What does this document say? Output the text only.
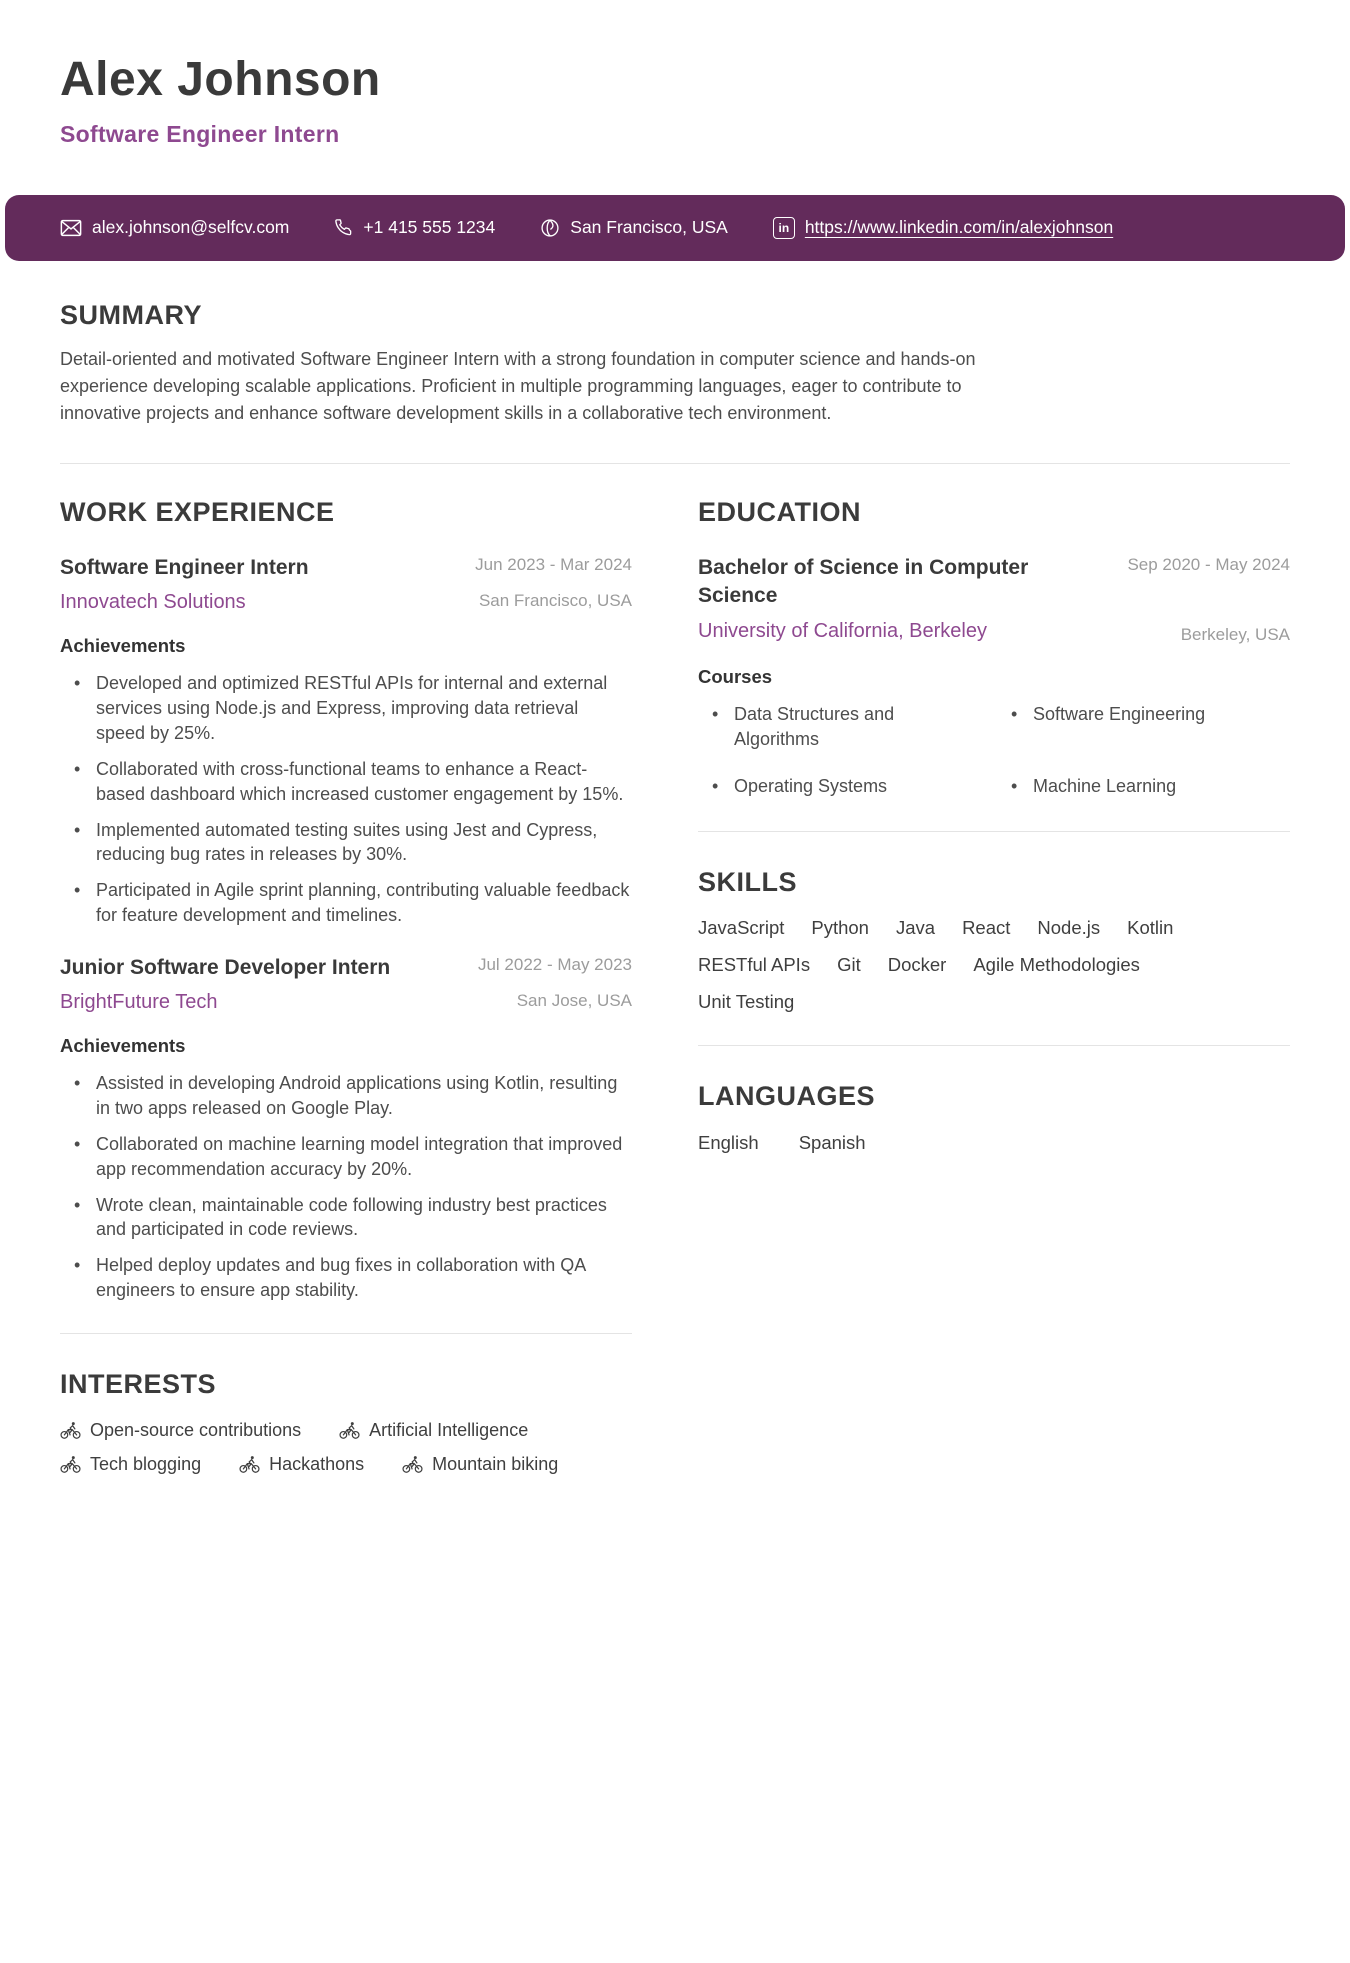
Alex Johnson
Software Engineer Intern
alex.johnson@selfcv.com	+1 415 555 1234	San Francisco, USA	in https://www.linkedin.com/in/alexjohnson
SUMMARY
Detail-oriented and motivated Software Engineer Intern with a strong foundation in computer science and hands-on experience developing scalable applications. Proficient in multiple programming languages, eager to contribute to innovative projects and enhance software development skills in a collaborative tech environment.
WORK EXPERIENCE
Software Engineer Intern
Innovatech Solutions
Jun 2023 - Mar 2024
San Francisco, USA
Achievements
• Developed and optimized RESTful APIs for internal and external services using Node.js and Express, improving data retrieval speed by 25%.
• Collaborated with cross-functional teams to enhance a React-based dashboard which increased customer engagement by 15%.
• Implemented automated testing suites using Jest and Cypress, reducing bug rates in releases by 30%.
• Participated in Agile sprint planning, contributing valuable feedback for feature development and timelines.
Junior Software Developer Intern
BrightFuture Tech
Jul 2022 - May 2023
San Jose, USA
Achievements
• Assisted in developing Android applications using Kotlin, resulting in two apps released on Google Play.
• Collaborated on machine learning model integration that improved app recommendation accuracy by 20%.
• Wrote clean, maintainable code following industry best practices and participated in code reviews.
• Helped deploy updates and bug fixes in collaboration with QA engineers to ensure app stability.
INTERESTS
Open-source contributions	Artificial Intelligence
Tech blogging	Hackathons	Mountain biking
EDUCATION
Bachelor of Science in Computer Science
University of California, Berkeley
Sep 2020 - May 2024
Berkeley, USA
Courses
• Data Structures and Algorithms
• Software Engineering
• Operating Systems	• Machine Learning
SKILLS
JavaScript Python Java React Node.js Kotlin
RESTful APIs Git Docker Agile Methodologies
Unit Testing
LANGUAGES
English Spanish
